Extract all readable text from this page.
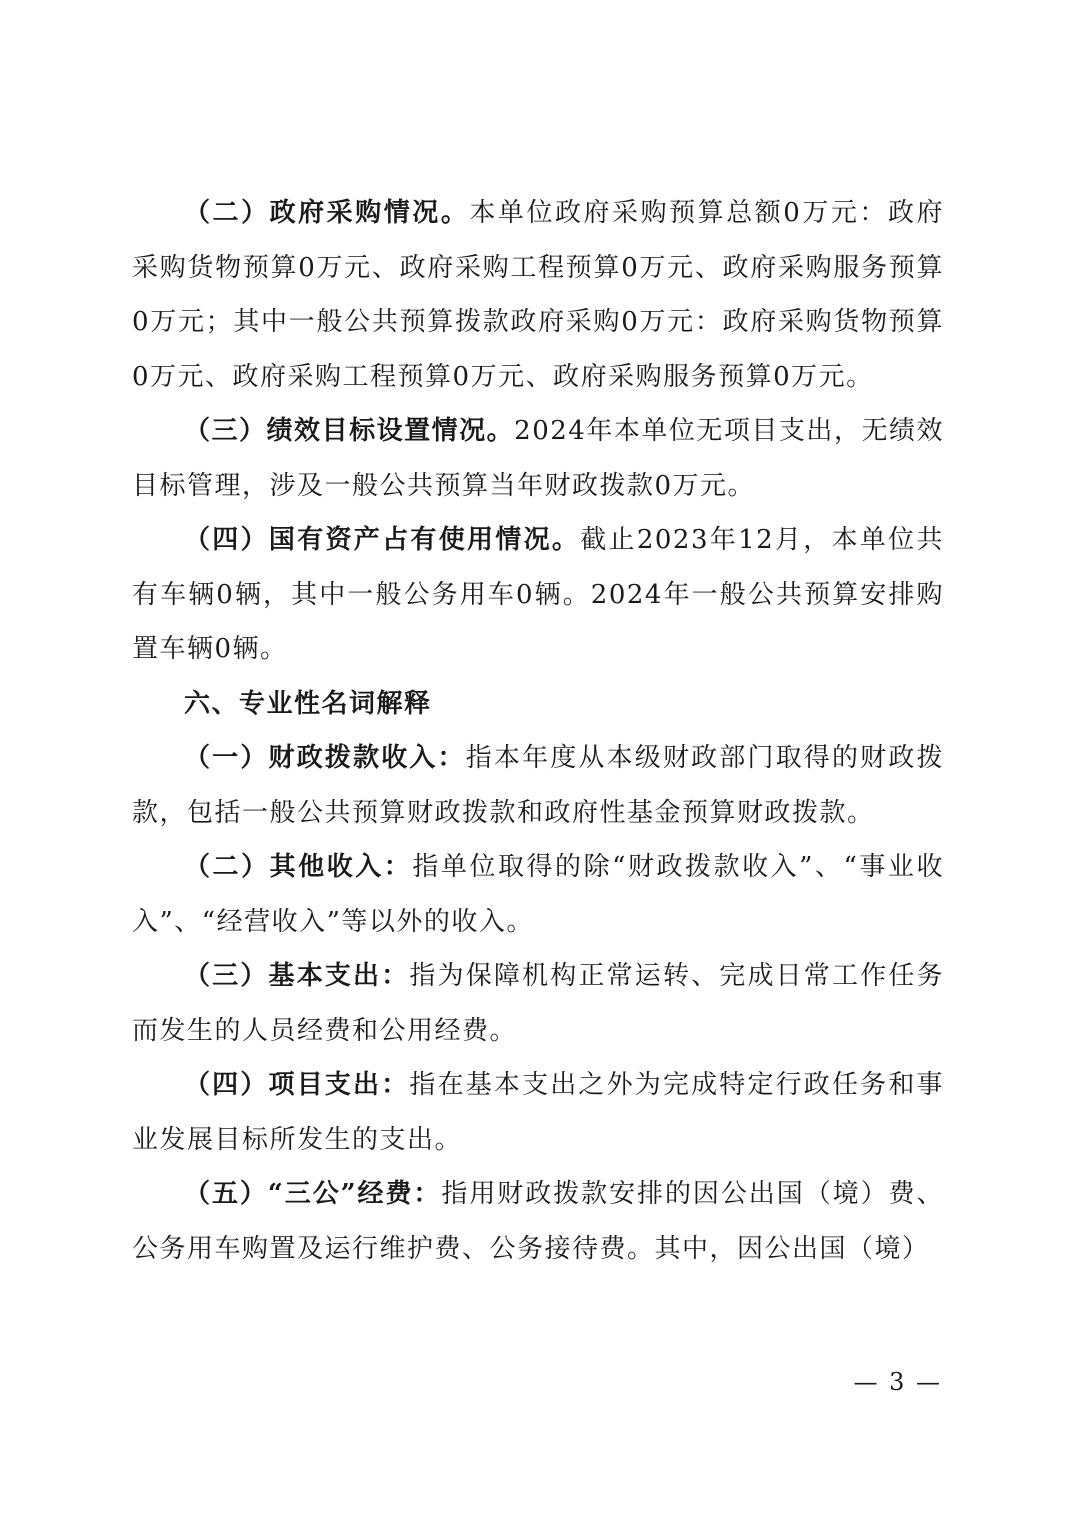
（二）政府采购情况。本单位政府采购预算总额0万元：政府采购货物预算0万元、政府采购工程预算0万元、政府采购服务预算0万元；其中一般公共预算拨款政府采购0万元：政府采购货物预算0万元、政府采购工程预算0万元、政府采购服务预算0万元。

（三）绩效目标设置情况。2024年本单位无项目支出，无绩效目标管理，涉及一般公共预算当年财政拨款0万元。

（四）国有资产占有使用情况。截止2023年12月，本单位共有车辆0辆，其中一般公务用车0辆。2024年一般公共预算安排购置车辆0辆。

六、专业性名词解释

（一）财政拨款收入：指本年度从本级财政部门取得的财政拨款，包括一般公共预算财政拨款和政府性基金预算财政拨款。

（二）其他收入：指单位取得的除“财政拨款收入”、“事业收入”、“经营收入”等以外的收入。

（三）基本支出：指为保障机构正常运转、完成日常工作任务而发生的人员经费和公用经费。

（四）项目支出：指在基本支出之外为完成特定行政任务和事业发展目标所发生的支出。

（五）“三公”经费：指用财政拨款安排的因公出国（境）费、公务用车购置及运行维护费、公务接待费。其中，因公出国（境）

— 3 —
